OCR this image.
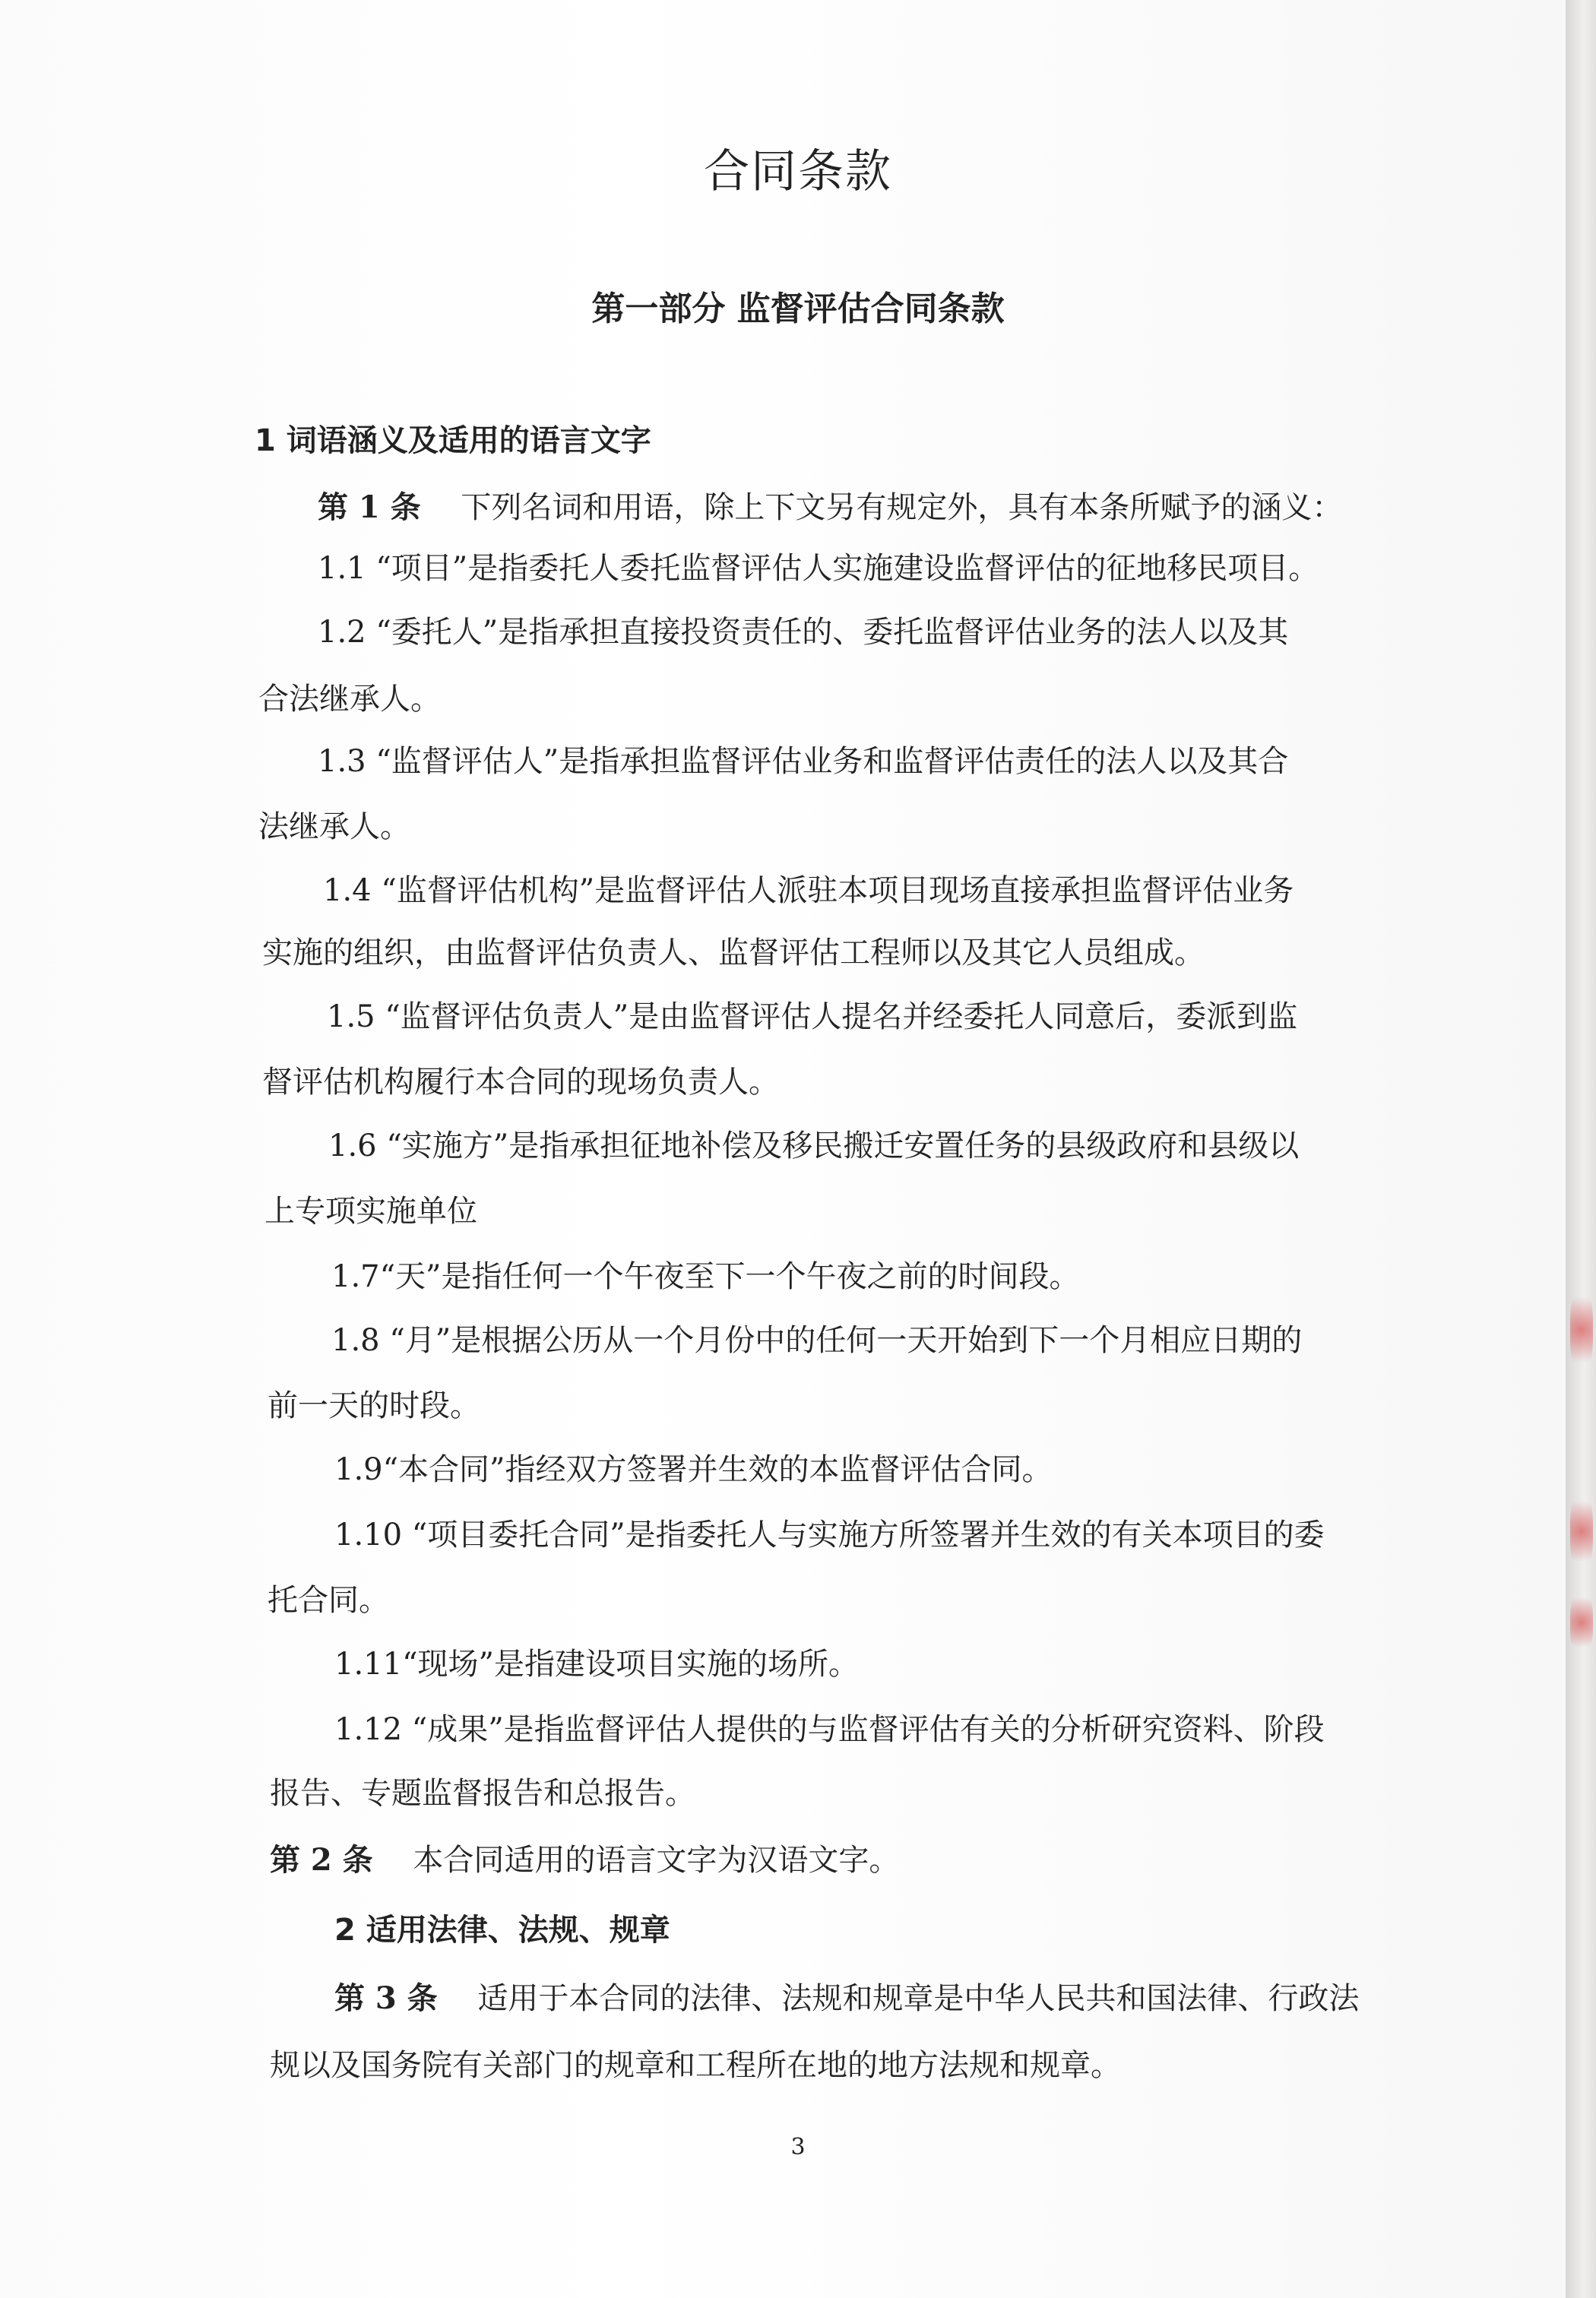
合同条款
第一部分 监督评估合同条款
1 词语涵义及适用的语言文字
第 1 条 下列名词和用语，除上下文另有规定外，具有本条所赋予的涵义：
1.1 “项目”是指委托人委托监督评估人实施建设监督评估的征地移民项目。
1.2 “委托人”是指承担直接投资责任的、委托监督评估业务的法人以及其
合法继承人。
1.3 “监督评估人”是指承担监督评估业务和监督评估责任的法人以及其合
法继承人。
1.4 “监督评估机构”是监督评估人派驻本项目现场直接承担监督评估业务
实施的组织，由监督评估负责人、监督评估工程师以及其它人员组成。
1.5 “监督评估负责人”是由监督评估人提名并经委托人同意后，委派到监
督评估机构履行本合同的现场负责人。
1.6 “实施方”是指承担征地补偿及移民搬迁安置任务的县级政府和县级以
上专项实施单位
1.7“天”是指任何一个午夜至下一个午夜之前的时间段。
1.8 “月”是根据公历从一个月份中的任何一天开始到下一个月相应日期的
前一天的时段。
1.9“本合同”指经双方签署并生效的本监督评估合同。
1.10 “项目委托合同”是指委托人与实施方所签署并生效的有关本项目的委
托合同。
1.11“现场”是指建设项目实施的场所。
1.12 “成果”是指监督评估人提供的与监督评估有关的分析研究资料、阶段
报告、专题监督报告和总报告。
第 2 条 本合同适用的语言文字为汉语文字。
2 适用法律、法规、规章
第 3 条 适用于本合同的法律、法规和规章是中华人民共和国法律、行政法
规以及国务院有关部门的规章和工程所在地的地方法规和规章。
3
